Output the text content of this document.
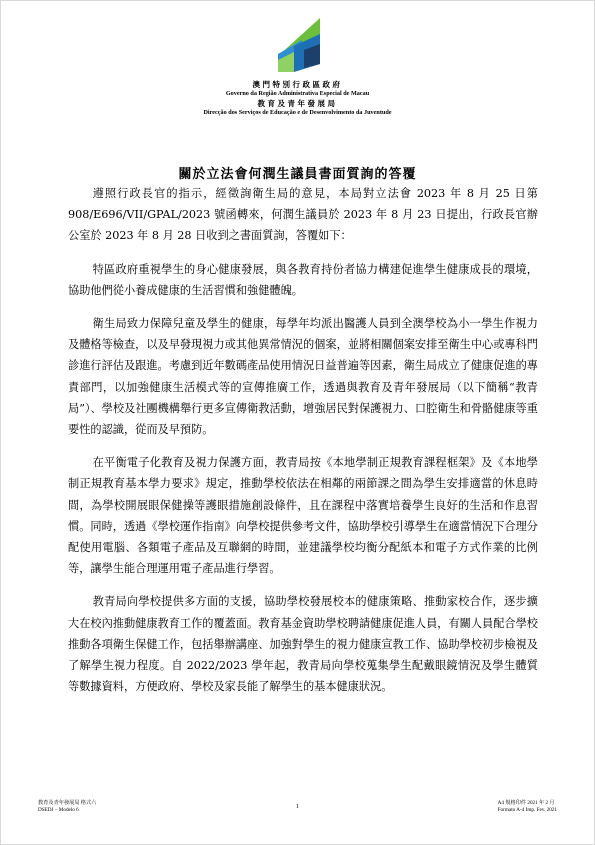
澳門特別行政區政府
Governo da Região Administrativa Especial de Macau
教育及青年發展局
Direcção dos Serviços de Educação e de Desenvolvimento da Juventude
關於立法會何潤生議員書面質詢的答覆

遵照行政長官的指示，經徵詢衛生局的意見，本局對立法會 2023 年 8 月 25 日第 908/E696/VII/GPAL/2023 號函轉來，何潤生議員於 2023 年 8 月 23 日提出，行政長官辦公室於 2023 年 8 月 28 日收到之書面質詢，答覆如下：

特區政府重視學生的身心健康發展，與各教育持份者協力構建促進學生健康成長的環境，協助他們從小養成健康的生活習慣和強健體魄。

衛生局致力保障兒童及學生的健康，每學年均派出醫護人員到全澳學校為小一學生作視力及體格等檢查，以及早發現視力或其他異常情況的個案，並將相關個案安排至衛生中心或專科門診進行評估及跟進。考慮到近年數碼產品使用情況日益普遍等因素，衛生局成立了健康促進的專責部門，以加強健康生活模式等的宣傳推廣工作，透過與教育及青年發展局（以下簡稱“教青局”）、學校及社團機構舉行更多宣傳衛教活動，增強居民對保護視力、口腔衛生和骨骼健康等重要性的認識，從而及早預防。

在平衡電子化教育及視力保護方面，教青局按《本地學制正規教育課程框架》及《本地學制正規教育基本學力要求》規定，推動學校依法在相鄰的兩節課之間為學生安排適當的休息時間，為學校開展眼保健操等護眼措施創設條件，且在課程中落實培養學生良好的生活和作息習慣。同時，透過《學校運作指南》向學校提供參考文件，協助學校引導學生在適當情況下合理分配使用電腦、各類電子產品及互聯網的時間，並建議學校均衡分配紙本和電子方式作業的比例等，讓學生能合理運用電子產品進行學習。

教青局向學校提供多方面的支援，協助學校發展校本的健康策略、推動家校合作，逐步擴大在校內推動健康教育工作的覆蓋面。教育基金資助學校聘請健康促進人員，有關人員配合學校推動各項衛生保健工作，包括舉辦講座、加強對學生的視力健康宣教工作、協助學校初步檢視及了解學生視力程度。自 2022/2023 學年起，教青局向學校蒐集學生配戴眼鏡情況及學生體質等數據資料，方便政府、學校及家長能了解學生的基本健康狀況。

教育及青年發展局 格式六
DSEDJ – Modelo 6	1
A4 規格印件 2021 年 2 月
Formato A-4 Imp. Fev. 2021
